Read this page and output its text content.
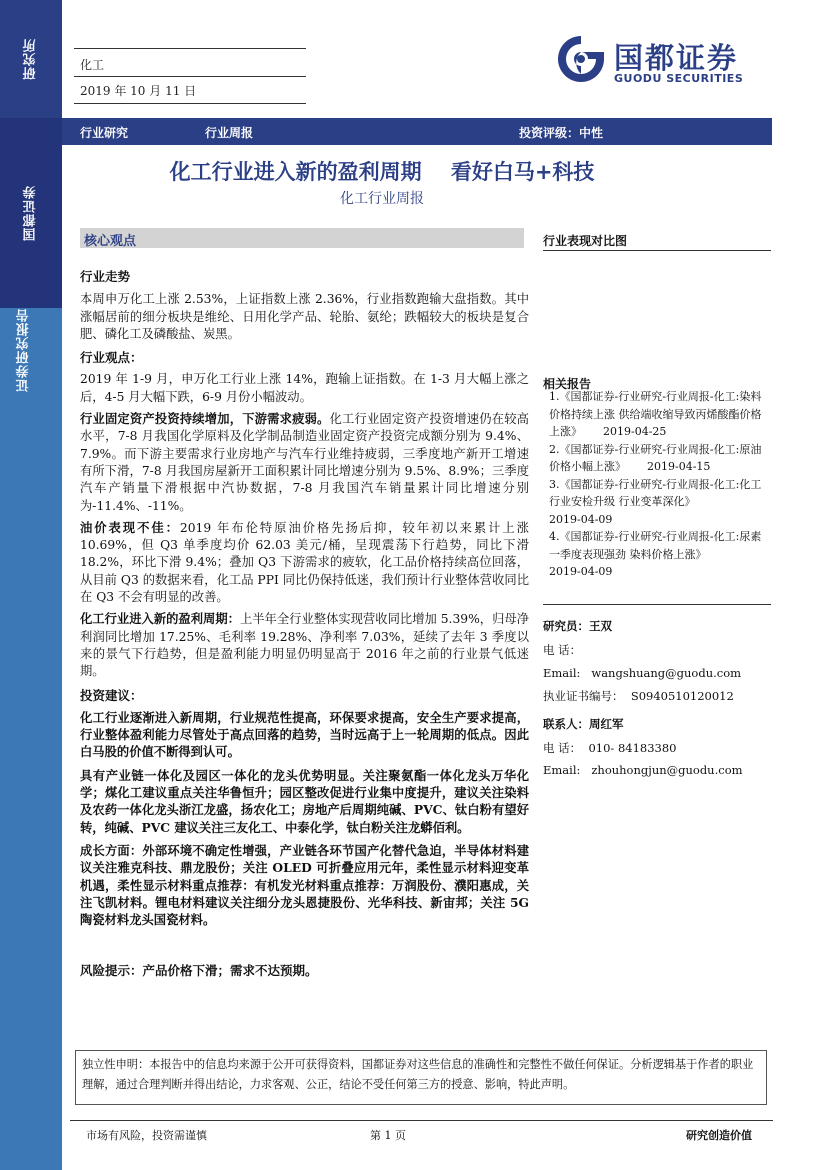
研究所
国都证券
证券研究报告
化工
2019 年 10 月 11 日
国都证券
GUODU SECURITIES
行业研究	行业周报	投资评级：中性
化工行业进入新的盈利周期    看好白马+科技
化工行业周报
核心观点
行业走势
本周申万化工上涨 2.53%，上证指数上涨 2.36%，行业指数跑输大盘指数。其中涨幅居前的细分板块是维纶、日用化学产品、轮胎、氨纶；跌幅较大的板块是复合肥、磷化工及磷酸盐、炭黑。
行业观点：
2019 年 1-9 月，申万化工行业上涨 14%，跑输上证指数。在 1-3 月大幅上涨之后，4-5 月大幅下跌，6-9 月份小幅波动。
行业固定资产投资持续增加，下游需求疲弱。化工行业固定资产投资增速仍在较高水平，7-8 月我国化学原料及化学制品制造业固定资产投资完成额分别为 9.4%、7.9%。而下游主要需求行业房地产与汽车行业维持疲弱，三季度地产新开工增速有所下滑，7-8 月我国房屋新开工面积累计同比增速分别为 9.5%、8.9%；三季度汽车产销量下滑根据中汽协数据，7-8 月我国汽车销量累计同比增速分别为-11.4%、-11%。
油价表现不佳：2019 年布伦特原油价格先扬后抑，较年初以来累计上涨 10.69%，但 Q3 单季度均价 62.03 美元/桶，呈现震荡下行趋势，同比下滑 18.2%，环比下滑 9.4%；叠加 Q3 下游需求的疲软，化工品价格持续高位回落，从目前 Q3 的数据来看，化工品 PPI 同比仍保持低迷，我们预计行业整体营收同比在 Q3 不会有明显的改善。
化工行业进入新的盈利周期：上半年全行业整体实现营收同比增加 5.39%，归母净利润同比增加 17.25%、毛利率 19.28%、净利率 7.03%，延续了去年 3 季度以来的景气下行趋势，但是盈利能力明显仍明显高于 2016 年之前的行业景气低迷期。
投资建议：
化工行业逐渐进入新周期，行业规范性提高，环保要求提高，安全生产要求提高，行业整体盈利能力尽管处于高点回落的趋势，当时远高于上一轮周期的低点。因此白马股的价值不断得到认可。
具有产业链一体化及园区一体化的龙头优势明显。关注聚氨酯一体化龙头万华化学；煤化工建议重点关注华鲁恒升；园区整改促进行业集中度提升，建议关注染料及农药一体化龙头浙江龙盛，扬农化工；房地产后周期纯碱、PVC、钛白粉有望好转，纯碱、PVC 建议关注三友化工、中泰化学，钛白粉关注龙蟒佰利。
成长方面：外部环境不确定性增强，产业链各环节国产化替代急迫，半导体材料建议关注雅克科技、鼎龙股份；关注 OLED 可折叠应用元年，柔性显示材料迎变革机遇，柔性显示材料重点推荐：有机发光材料重点推荐：万润股份、濮阳惠成，关注飞凯材料。锂电材料建议关注细分龙头恩捷股份、光华科技、新宙邦；关注 5G 陶瓷材料龙头国瓷材料。
风险提示：产品价格下滑；需求不达预期。
行业表现对比图
相关报告
1.《国都证券-行业研究-行业周报-化工:染料价格持续上涨 供给端收缩导致丙烯酸酯价格上涨》 2019-04-25
2.《国都证券-行业研究-行业周报-化工:原油价格小幅上涨》 2019-04-15
3.《国都证券-行业研究-行业周报-化工:化工行业安检升级 行业变革深化》
2019-04-09
4.《国都证券-行业研究-行业周报-化工:尿素一季度表现强劲 染料价格上涨》
2019-04-09
研究员：王双
电 话：
Email: wangshuang@guodu.com
执业证书编号： S0940510120012
联系人：周红军
电 话： 010- 84183380
Email: zhouhongjun@guodu.com
独立性申明：本报告中的信息均来源于公开可获得资料，国都证券对这些信息的准确性和完整性不做任何保证。分析逻辑基于作者的职业理解，通过合理判断并得出结论，力求客观、公正，结论不受任何第三方的授意、影响，特此声明。
市场有风险，投资需谨慎	第 1 页	研究创造价值
